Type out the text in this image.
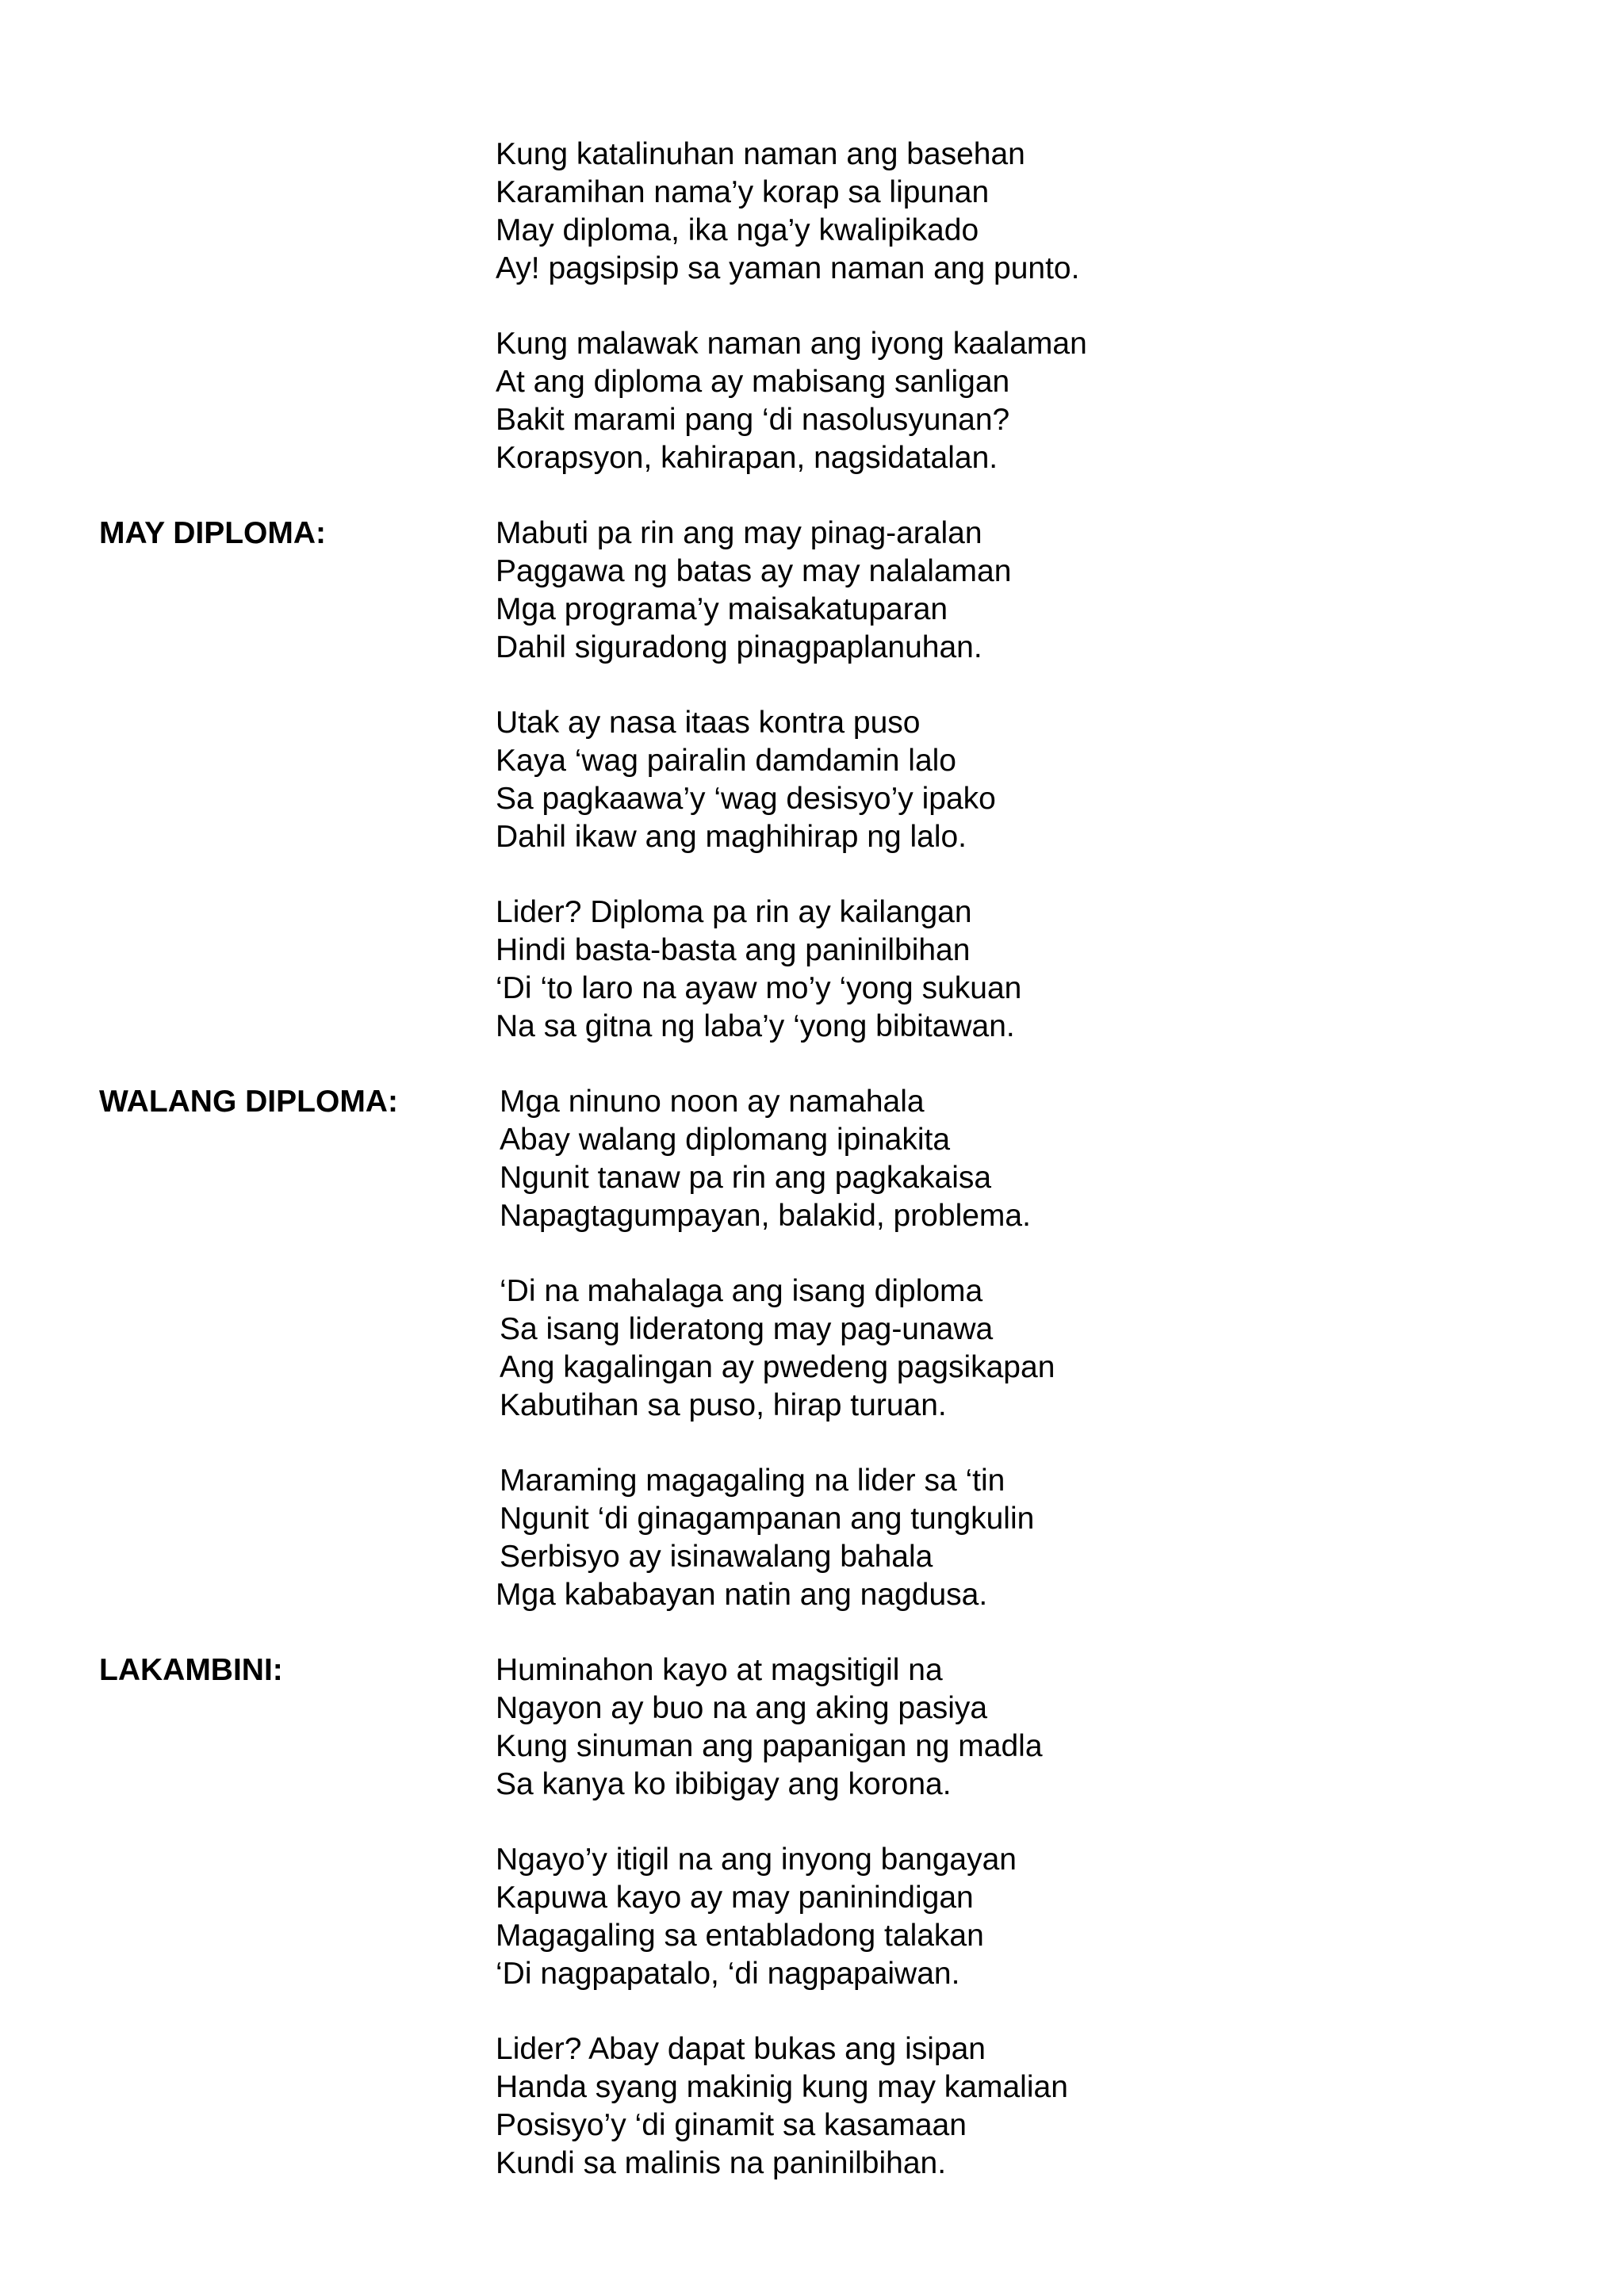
Kung katalinuhan naman ang basehan
Karamihan nama’y korap sa lipunan
May diploma, ika nga’y kwalipikado
Ay! pagsipsip sa yaman naman ang punto.
Kung malawak naman ang iyong kaalaman
At ang diploma ay mabisang sanligan
Bakit marami pang ‘di nasolusyunan?
Korapsyon, kahirapan, nagsidatalan.
MAY DIPLOMA:	Mabuti pa rin ang may pinag-aralan
Paggawa ng batas ay may nalalaman
Mga programa’y maisakatuparan
Dahil siguradong pinagpaplanuhan.
Utak ay nasa itaas kontra puso
Kaya ‘wag pairalin damdamin lalo
Sa pagkaawa’y ‘wag desisyo’y ipako
Dahil ikaw ang maghihirap ng lalo.
Lider? Diploma pa rin ay kailangan
Hindi basta-basta ang paninilbihan
‘Di ‘to laro na ayaw mo’y ‘yong sukuan
Na sa gitna ng laba’y ‘yong bibitawan.
WALANG DIPLOMA:	Mga ninuno noon ay namahala
Abay walang diplomang ipinakita
Ngunit tanaw pa rin ang pagkakaisa
Napagtagumpayan, balakid, problema.
‘Di na mahalaga ang isang diploma
Sa isang lideratong may pag-unawa
Ang kagalingan ay pwedeng pagsikapan
Kabutihan sa puso, hirap turuan.
Maraming magagaling na lider sa ‘tin
Ngunit ‘di ginagampanan ang tungkulin
Serbisyo ay isinawalang bahala
Mga kababayan natin ang nagdusa.
LAKAMBINI:	Huminahon kayo at magsitigil na
Ngayon ay buo na ang aking pasiya
Kung sinuman ang papanigan ng madla
Sa kanya ko ibibigay ang korona.
Ngayo’y itigil na ang inyong bangayan
Kapuwa kayo ay may paninindigan
Magagaling sa entabladong talakan
‘Di nagpapatalo, ‘di nagpapaiwan.
Lider? Abay dapat bukas ang isipan
Handa syang makinig kung may kamalian
Posisyo’y ‘di ginamit sa kasamaan
Kundi sa malinis na paninilbihan.
